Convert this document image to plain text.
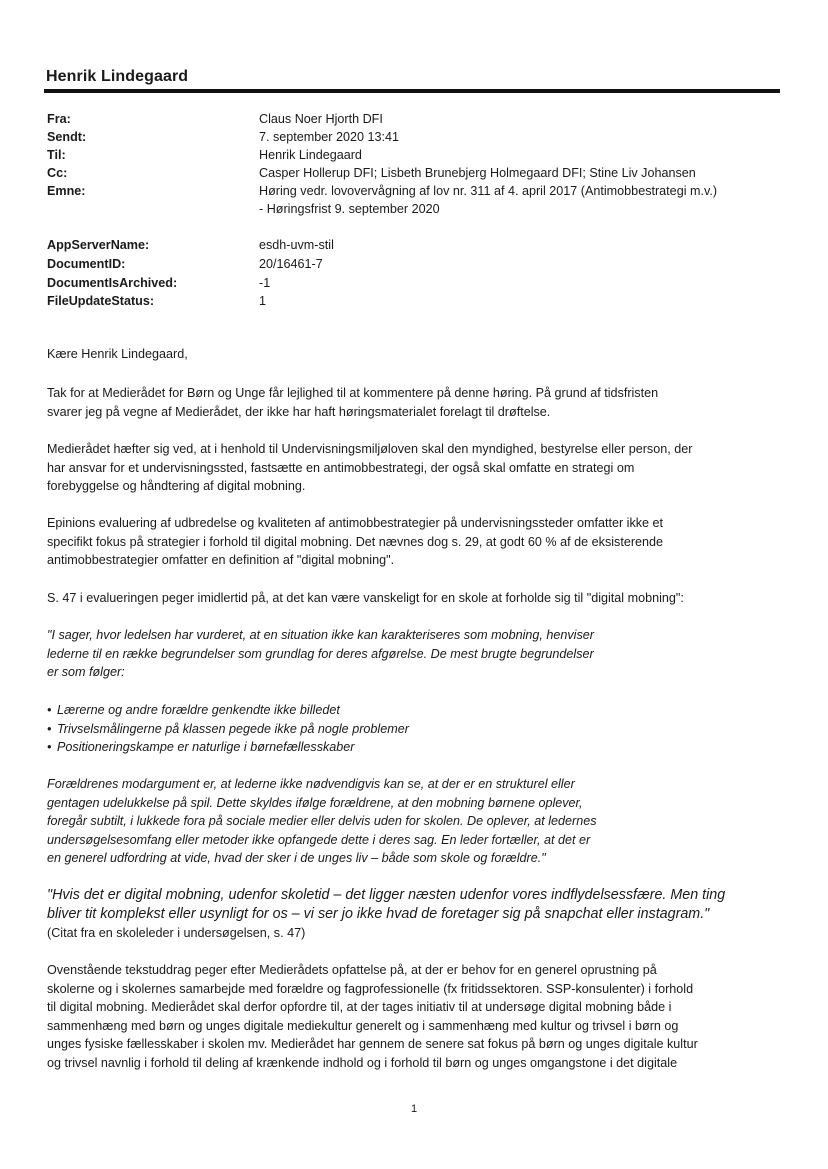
Henrik Lindegaard
Fra:	Claus Noer Hjorth DFI
Sendt:	7. september 2020 13:41
Til:	Henrik Lindegaard
Cc:	Casper Hollerup DFI; Lisbeth Brunebjerg Holmegaard DFI; Stine Liv Johansen
Emne:	Høring vedr. lovovervågning af lov nr. 311 af 4. april 2017 (Antimobbestrategi m.v.)
- Høringsfrist 9. september 2020
AppServerName:	esdh-uvm-stil
DocumentID:	20/16461-7
DocumentIsArchived:	-1
FileUpdateStatus:	1
Kære Henrik Lindegaard,
Tak for at Medierådet for Børn og Unge får lejlighed til at kommentere på denne høring. På grund af tidsfristen
svarer jeg på vegne af Medierådet, der ikke har haft høringsmaterialet forelagt til drøftelse.
Medierådet hæfter sig ved, at i henhold til Undervisningsmiljøloven skal den myndighed, bestyrelse eller person, der
har ansvar for et undervisningssted, fastsætte en antimobbestrategi, der også skal omfatte en strategi om
forebyggelse og håndtering af digital mobning.
Epinions evaluering af udbredelse og kvaliteten af antimobbestrategier på undervisningssteder omfatter ikke et
specifikt fokus på strategier i forhold til digital mobning. Det nævnes dog s. 29, at godt 60 % af de eksisterende
antimobbestrategier omfatter en definition af "digital mobning".
S. 47 i evalueringen peger imidlertid på, at det kan være vanskeligt for en skole at forholde sig til "digital mobning":
"I sager, hvor ledelsen har vurderet, at en situation ikke kan karakteriseres som mobning, henviser
lederne til en række begrundelser som grundlag for deres afgørelse. De mest brugte begrundelser
er som følger:
• Lærerne og andre forældre genkendte ikke billedet
• Trivselsmålingerne på klassen pegede ikke på nogle problemer
• Positioneringskampe er naturlige i børnefællesskaber
Forældrenes modargument er, at lederne ikke nødvendigvis kan se, at der er en strukturel eller
gentagen udelukkelse på spil. Dette skyldes ifølge forældrene, at den mobning børnene oplever,
foregår subtilt, i lukkede fora på sociale medier eller delvis uden for skolen. De oplever, at ledernes
undersøgelsesomfang eller metoder ikke opfangede dette i deres sag. En leder fortæller, at det er
en generel udfordring at vide, hvad der sker i de unges liv – både som skole og forældre."
"Hvis det er digital mobning, udenfor skoletid – det ligger næsten udenfor vores indflydelsessfære. Men ting
bliver tit komplekst eller usynligt for os – vi ser jo ikke hvad de foretager sig på snapchat eller instagram."
(Citat fra en skoleleder i undersøgelsen, s. 47)
Ovenstående tekstuddrag peger efter Medierådets opfattelse på, at der er behov for en generel oprustning på
skolerne og i skolernes samarbejde med forældre og fagprofessionelle (fx fritidssektoren. SSP-konsulenter) i forhold
til digital mobning. Medierådet skal derfor opfordre til, at der tages initiativ til at undersøge digital mobning både i
sammenhæng med børn og unges digitale mediekultur generelt og i sammenhæng med kultur og trivsel i børn og
unges fysiske fællesskaber i skolen mv. Medierådet har gennem de senere sat fokus på børn og unges digitale kultur
og trivsel navnlig i forhold til deling af krænkende indhold og i forhold til børn og unges omgangstone i det digitale
1
